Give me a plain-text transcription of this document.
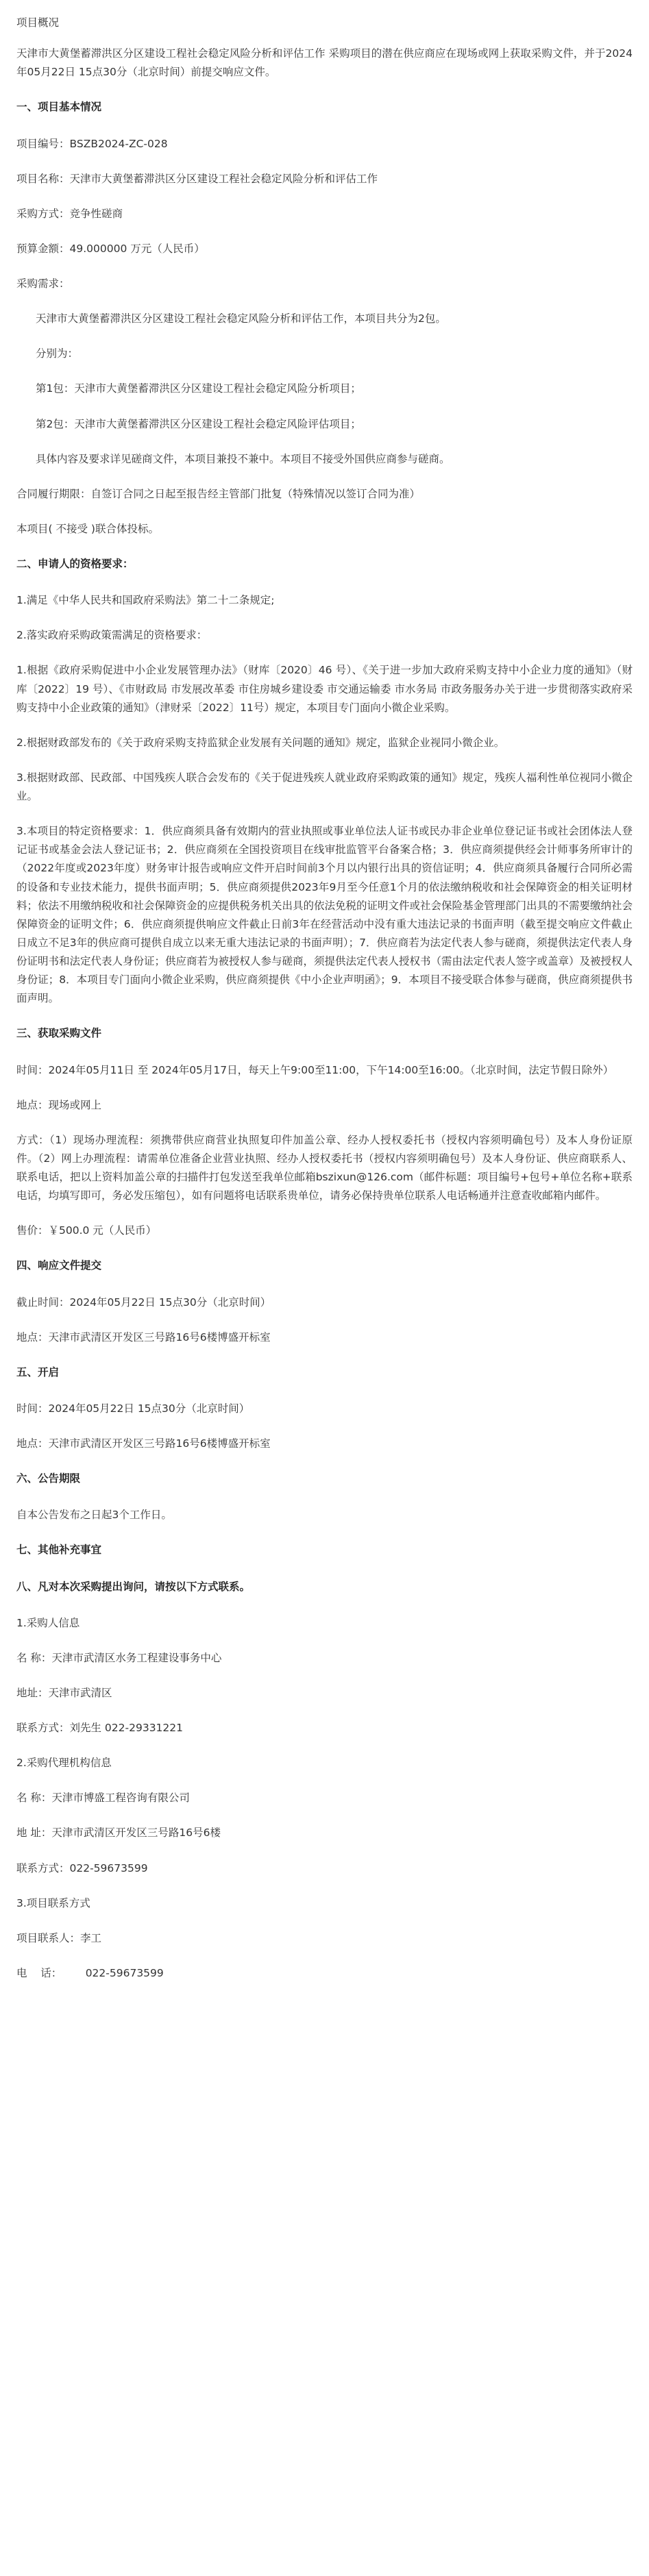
项目概况
天津市大黄堡蓄滞洪区分区建设工程社会稳定风险分析和评估工作 采购项目的潜在供应商应在现场或网上获取采购文件，并于2024年05月22日 15点30分（北京时间）前提交响应文件。
一、项目基本情况
项目编号：BSZB2024-ZC-028
项目名称：天津市大黄堡蓄滞洪区分区建设工程社会稳定风险分析和评估工作
采购方式：竞争性磋商
预算金额：49.000000 万元（人民币）
采购需求：
天津市大黄堡蓄滞洪区分区建设工程社会稳定风险分析和评估工作，本项目共分为2包。
分别为：
第1包：天津市大黄堡蓄滞洪区分区建设工程社会稳定风险分析项目；
第2包：天津市大黄堡蓄滞洪区分区建设工程社会稳定风险评估项目；
具体内容及要求详见磋商文件，本项目兼投不兼中。本项目不接受外国供应商参与磋商。
合同履行期限：自签订合同之日起至报告经主管部门批复（特殊情况以签订合同为准）
本项目( 不接受 )联合体投标。
二、申请人的资格要求：
1.满足《中华人民共和国政府采购法》第二十二条规定;
2.落实政府采购政策需满足的资格要求：
1.根据《政府采购促进中小企业发展管理办法》（财库〔2020〕46 号）、《关于进一步加大政府采购支持中小企业力度的通知》（财库〔2022〕19 号）、《市财政局 市发展改革委 市住房城乡建设委 市交通运输委 市水务局 市政务服务办关于进一步贯彻落实政府采购支持中小企业政策的通知》（津财采〔2022〕11号）规定，本项目专门面向小微企业采购。
2.根据财政部发布的《关于政府采购支持监狱企业发展有关问题的通知》规定，监狱企业视同小微企业。
3.根据财政部、民政部、中国残疾人联合会发布的《关于促进残疾人就业政府采购政策的通知》规定，残疾人福利性单位视同小微企业。
3.本项目的特定资格要求：1．供应商须具备有效期内的营业执照或事业单位法人证书或民办非企业单位登记证书或社会团体法人登记证书或基金会法人登记证书；2．供应商须在全国投资项目在线审批监管平台备案合格；3．供应商须提供经会计师事务所审计的（2022年度或2023年度）财务审计报告或响应文件开启时间前3个月以内银行出具的资信证明；4．供应商须具备履行合同所必需的设备和专业技术能力，提供书面声明；5．供应商须提供2023年9月至今任意1个月的依法缴纳税收和社会保障资金的相关证明材料；依法不用缴纳税收和社会保障资金的应提供税务机关出具的依法免税的证明文件或社会保险基金管理部门出具的不需要缴纳社会保障资金的证明文件；6．供应商须提供响应文件截止日前3年在经营活动中没有重大违法记录的书面声明（截至提交响应文件截止日成立不足3年的供应商可提供自成立以来无重大违法记录的书面声明）；7．供应商若为法定代表人参与磋商，须提供法定代表人身份证明书和法定代表人身份证；供应商若为被授权人参与磋商，须提供法定代表人授权书（需由法定代表人签字或盖章）及被授权人身份证；8．本项目专门面向小微企业采购，供应商须提供《中小企业声明函》；9．本项目不接受联合体参与磋商，供应商须提供书面声明。
三、获取采购文件
时间：2024年05月11日 至 2024年05月17日，每天上午9:00至11:00，下午14:00至16:00。（北京时间，法定节假日除外）
地点：现场或网上
方式：（1）现场办理流程：须携带供应商营业执照复印件加盖公章、经办人授权委托书（授权内容须明确包号）及本人身份证原件。（2）网上办理流程：请需单位准备企业营业执照、经办人授权委托书（授权内容须明确包号）及本人身份证、供应商联系人、联系电话，把以上资料加盖公章的扫描件打包发送至我单位邮箱bszixun@126.com（邮件标题：项目编号+包号+单位名称+联系电话，均填写即可，务必发压缩包），如有问题将电话联系贵单位，请务必保持贵单位联系人电话畅通并注意查收邮箱内邮件。
售价：￥500.0 元（人民币）
四、响应文件提交
截止时间：2024年05月22日 15点30分（北京时间）
地点：天津市武清区开发区三号路16号6楼博盛开标室
五、开启
时间：2024年05月22日 15点30分（北京时间）
地点：天津市武清区开发区三号路16号6楼博盛开标室
六、公告期限
自本公告发布之日起3个工作日。
七、其他补充事宜
八、凡对本次采购提出询问，请按以下方式联系。
1.采购人信息
名 称：天津市武清区水务工程建设事务中心
地址：天津市武清区
联系方式：刘先生 022-29331221
2.采购代理机构信息
名 称：天津市博盛工程咨询有限公司
地 址：天津市武清区开发区三号路16号6楼
联系方式：022-59673599
3.项目联系方式
项目联系人：李工
电    话：       022-59673599
